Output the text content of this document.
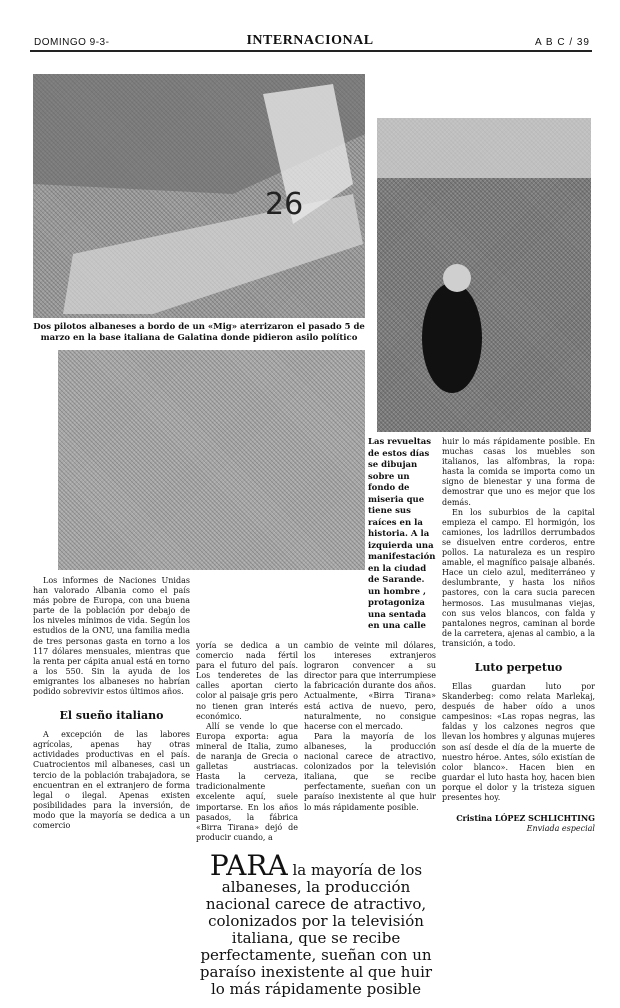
DOMINGO 9-3-	INTERNACIONAL	A B C / 39
26
Dos pilotos albaneses a bordo de un «Mig» aterrizaron el pasado 5 de marzo en la base italiana de Galatina donde pidieron asilo político
Las revueltas de estos días se dibujan sobre un fondo de miseria que tiene sus raíces en la historia. A la izquierda una manifestación en la ciudad de Sarande. un hombre , protagoniza una sentada en una calle

huir lo más rápidamente posible. En muchas casas los muebles son italianos, las alfombras, la ropa: hasta la comida se importa como un signo de bienestar y una forma de demostrar que uno es mejor que los demás.

En los suburbios de la capital empieza el campo. El hormigón, los camiones, los ladrillos derrumbados se disuelven entre corderos, entre pollos. La naturaleza es un respiro amable, el magnífico paisaje albanés. Hace un cielo azul, mediterráneo y deslumbrante, y hasta los niños pastores, con la cara sucia parecen hermosos. Las musulmanas viejas, con sus velos blancos, con falda y pantalones negros, caminan al borde de la carretera, ajenas al cambio, a la transición, a todo.

Luto perpetuo

Ellas guardan luto por Skanderbeg: como relata Marlekaj, después de haber oído a unos campesinos: «Las ropas negras, las faldas y los calzones negros que llevan los hombres y algunas mujeres son así desde el día de la muerte de nuestro héroe. Antes, sólo existían de color blanco». Hacen bien en guardar el luto hasta hoy, hacen bien porque el dolor y la tristeza siguen presentes hoy.

Cristina LÓPEZ SCHLICHTING
Enviada especial

Los informes de Naciones Unidas han valorado Albania como el país más pobre de Europa, con una buena parte de la población por debajo de los niveles mínimos de vida. Según los estudios de la ONU, una familia media de tres personas gasta en torno a los 117 dólares mensuales, mientras que la renta per cápita anual está en torno a los 550. Sin la ayuda de los emigrantes los albaneses no habrían podido sobrevivir estos últimos años.

El sueño italiano

A excepción de las labores agrícolas, apenas hay otras actividades productivas en el país. Cuatrocientos mil albaneses, casi un tercio de la población trabajadora, se encuentran en el extranjero de forma legal o ilegal. Apenas existen posibilidades para la inversión, de modo que la mayoría se dedica a un comercio

yoría se dedica a un comercio nada fértil para el futuro del país. Los tenderetes de las calles aportan cierto color al paisaje gris pero no tienen gran interés económico.

Allí se vende lo que Europa exporta: agua mineral de Italia, zumo de naranja de Grecia o galletas austriacas. Hasta la cerveza, tradicionalmente excelente aquí, suele importarse. En los años pasados, la fábrica «Birra Tirana» dejó de producir cuando, a

cambio de veinte mil dólares, los intereses extranjeros lograron convencer a su director para que interrumpiese la fabricación durante dos años. Actualmente, «Birra Tirana» está activa de nuevo, pero, naturalmente, no consigue hacerse con el mercado.

Para la mayoría de los albaneses, la producción nacional carece de atractivo, colonizados por la televisión italiana, que se recibe perfectamente, sueñan con un paraíso inexistente al que huir lo más rápidamente posible.

PARA la mayoría de los albaneses, la producción nacional carece de atractivo, colonizados por la televisión italiana, que se recibe perfectamente, sueñan con un paraíso inexistente al que huir lo más rápidamente posible
